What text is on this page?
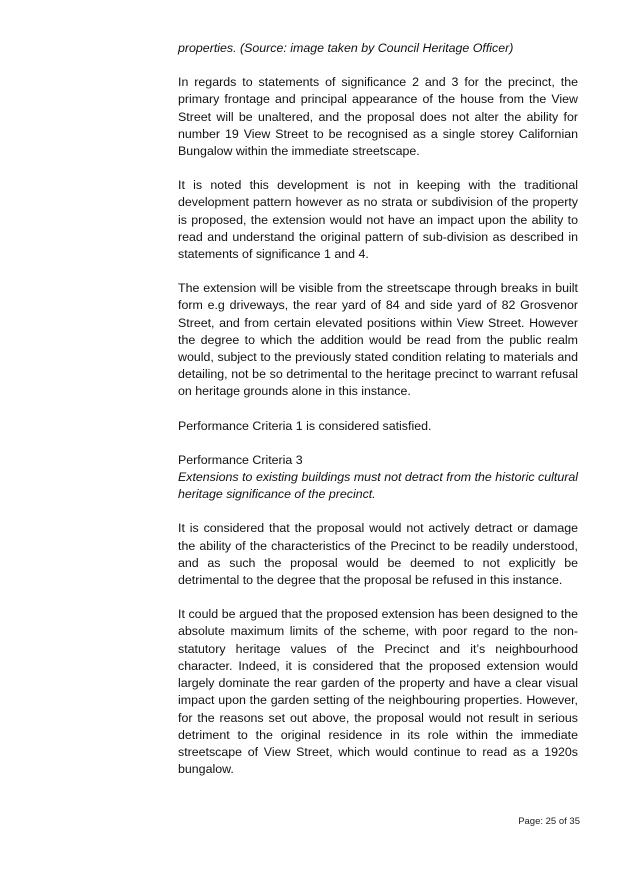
properties. (Source: image taken by Council Heritage Officer)

In regards to statements of significance 2 and 3 for the precinct, the primary frontage and principal appearance of the house from the View Street will be unaltered, and the proposal does not alter the ability for number 19 View Street to be recognised as a single storey Californian Bungalow within the immediate streetscape.

It is noted this development is not in keeping with the traditional development pattern however as no strata or subdivision of the property is proposed, the extension would not have an impact upon the ability to read and understand the original pattern of sub-division as described in statements of significance 1 and 4.

The extension will be visible from the streetscape through breaks in built form e.g driveways, the rear yard of 84 and side yard of 82 Grosvenor Street, and from certain elevated positions within View Street. However the degree to which the addition would be read from the public realm would, subject to the previously stated condition relating to materials and detailing, not be so detrimental to the heritage precinct to warrant refusal on heritage grounds alone in this instance.

Performance Criteria 1 is considered satisfied.

Performance Criteria 3

Extensions to existing buildings must not detract from the historic cultural heritage significance of the precinct.

It is considered that the proposal would not actively detract or damage the ability of the characteristics of the Precinct to be readily understood, and as such the proposal would be deemed to not explicitly be detrimental to the degree that the proposal be refused in this instance.

It could be argued that the proposed extension has been designed to the absolute maximum limits of the scheme, with poor regard to the non-statutory heritage values of the Precinct and it’s neighbourhood character. Indeed, it is considered that the proposed extension would largely dominate the rear garden of the property and have a clear visual impact upon the garden setting of the neighbouring properties. However, for the reasons set out above, the proposal would not result in serious detriment to the original residence in its role within the immediate streetscape of View Street, which would continue to read as a 1920s bungalow.

Page: 25 of 35
